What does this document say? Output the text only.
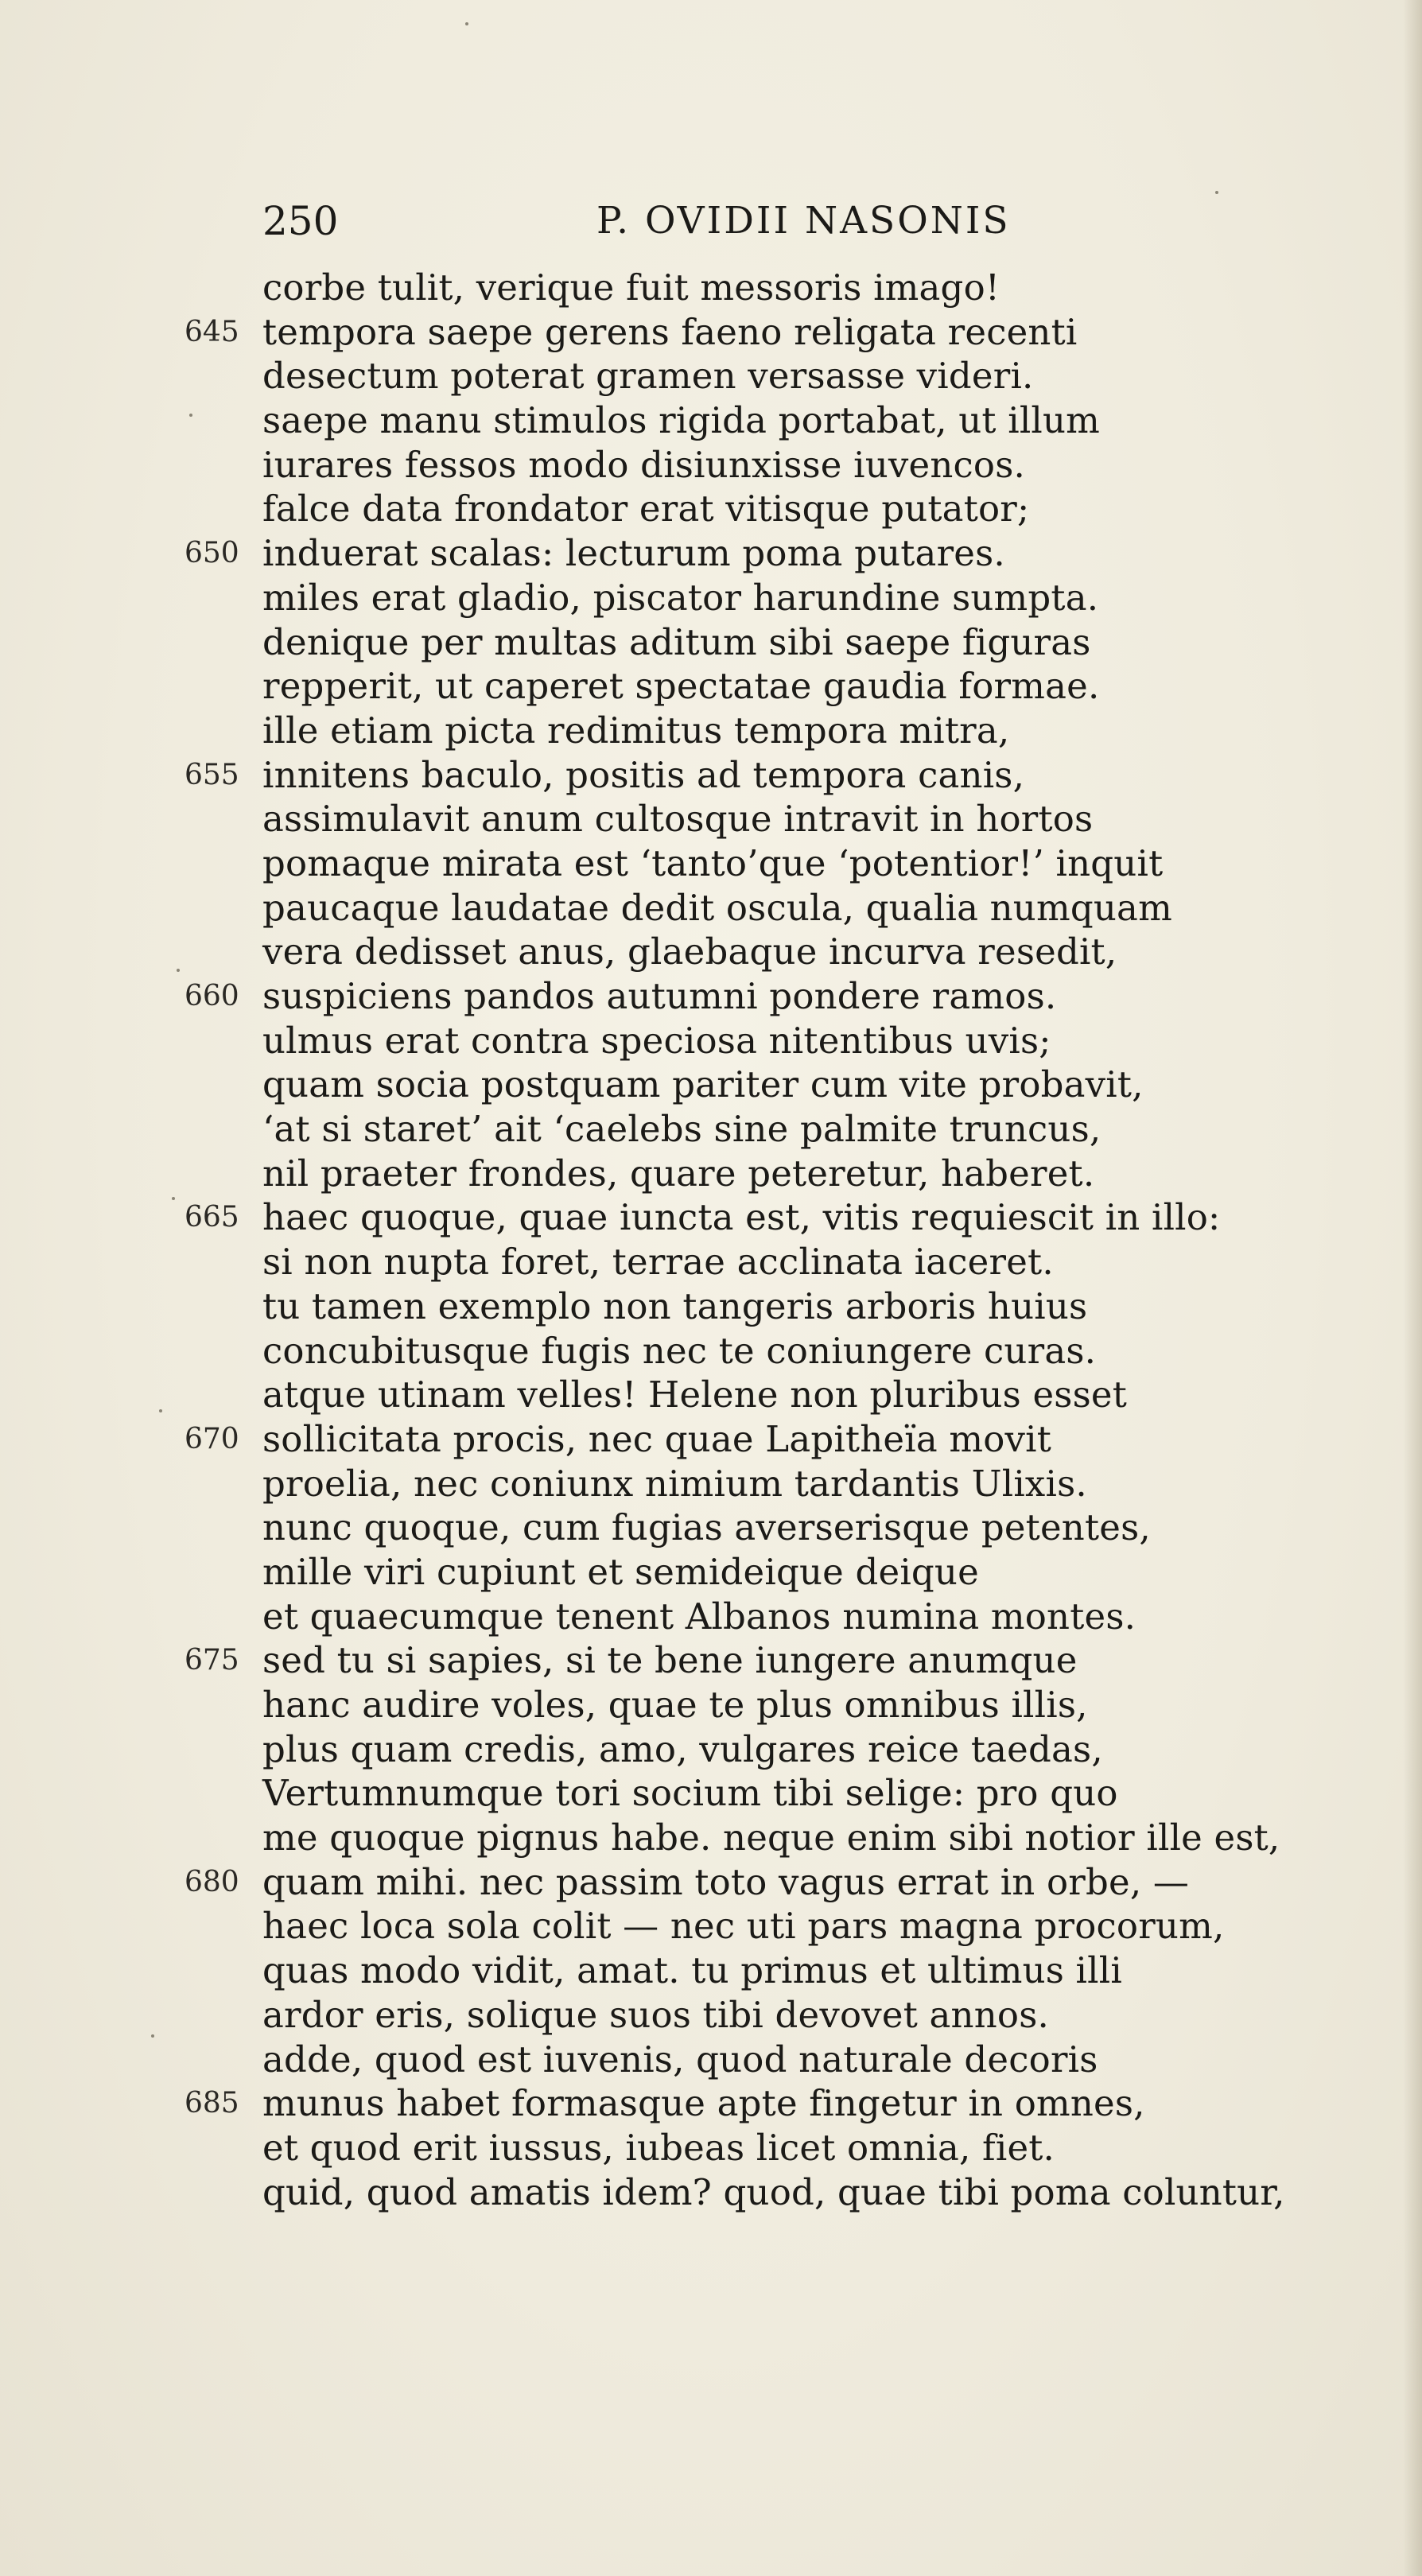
250	P. OVIDII NASONIS
corbe tulit, verique fuit messoris imago!
645 tempora saepe gerens faeno religata recenti
desectum poterat gramen versasse videri.
saepe manu stimulos rigida portabat, ut illum
iurares fessos modo disiunxisse iuvencos.
falce data frondator erat vitisque putator;
650 induerat scalas: lecturum poma putares.
miles erat gladio, piscator harundine sumpta.
denique per multas aditum sibi saepe figuras
repperit, ut caperet spectatae gaudia formae.
ille etiam picta redimitus tempora mitra,
655 innitens baculo, positis ad tempora canis,
assimulavit anum cultosque intravit in hortos
pomaque mirata est ‘tanto’que ‘potentior!’ inquit
paucaque laudatae dedit oscula, qualia numquam
vera dedisset anus, glaebaque incurva resedit,
660 suspiciens pandos autumni pondere ramos.
ulmus erat contra speciosa nitentibus uvis;
quam socia postquam pariter cum vite probavit,
‘at si staret’ ait ‘caelebs sine palmite truncus,
nil praeter frondes, quare peteretur, haberet.
665 haec quoque, quae iuncta est, vitis requiescit in illo:
si non nupta foret, terrae acclinata iaceret.
tu tamen exemplo non tangeris arboris huius
concubitusque fugis nec te coniungere curas.
atque utinam velles! Helene non pluribus esset
670 sollicitata procis, nec quae Lapitheïa movit
proelia, nec coniunx nimium tardantis Ulixis.
nunc quoque, cum fugias averserisque petentes,
mille viri cupiunt et semideique deique
et quaecumque tenent Albanos numina montes.
675 sed tu si sapies, si te bene iungere anumque
hanc audire voles, quae te plus omnibus illis,
plus quam credis, amo, vulgares reice taedas,
Vertumnumque tori socium tibi selige: pro quo
me quoque pignus habe. neque enim sibi notior ille est,
680 quam mihi. nec passim toto vagus errat in orbe, —
haec loca sola colit — nec uti pars magna procorum,
quas modo vidit, amat. tu primus et ultimus illi
ardor eris, solique suos tibi devovet annos.
adde, quod est iuvenis, quod naturale decoris
685 munus habet formasque apte fingetur in omnes,
et quod erit iussus, iubeas licet omnia, fiet.
quid, quod amatis idem? quod, quae tibi poma coluntur,
